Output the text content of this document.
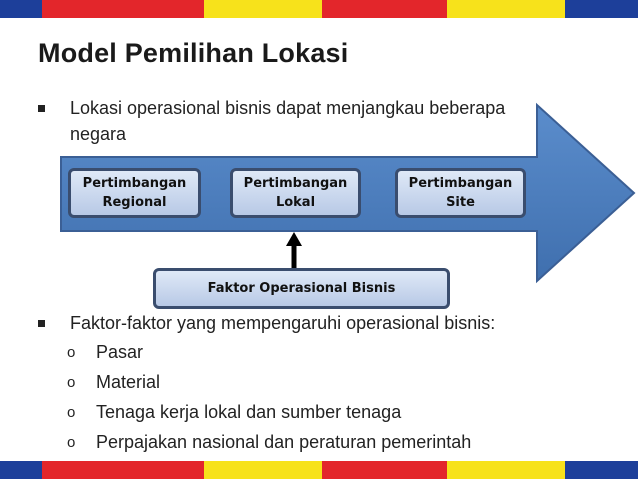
Model Pemilihan Lokasi
Lokasi operasional bisnis dapat menjangkau beberapa
negara
Pertimbangan
Regional
Pertimbangan
Lokal
Pertimbangan
Site
Faktor Operasional Bisnis
Faktor-faktor yang mempengaruhi operasional bisnis:
o Pasar
o Material
o Tenaga kerja lokal dan sumber tenaga
o Perpajakan nasional dan peraturan pemerintah
